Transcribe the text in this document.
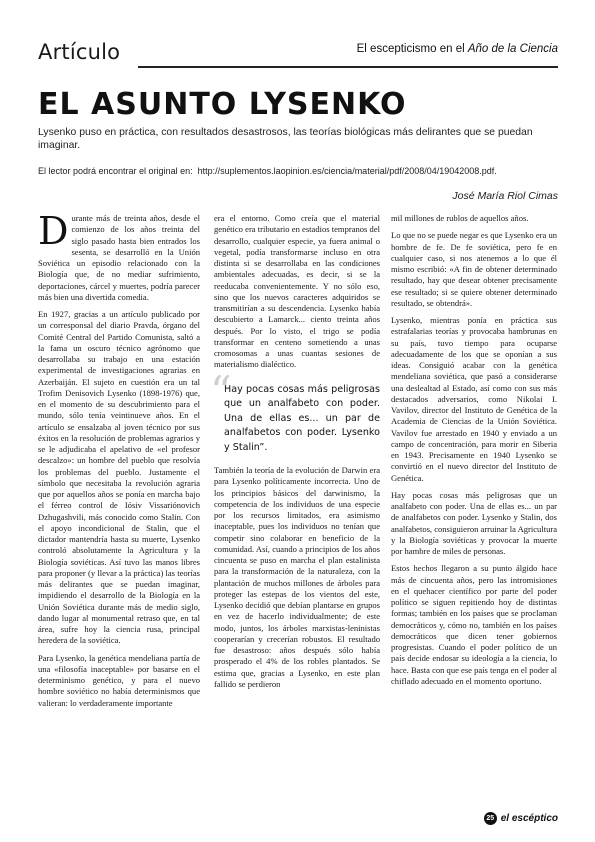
Artículo	El escepticismo en el Año de la Ciencia
EL ASUNTO LYSENKO

Lysenko puso en práctica, con resultados desastrosos, las teorías biológicas más delirantes que se puedan imaginar.

El lector podrá encontrar el original en: http://suplementos.laopinion.es/ciencia/material/pdf/2008/04/19042008.pdf.
José María Riol Cimas

Durante más de treinta años, desde el comienzo de los años treinta del siglo pasado hasta bien entrados los sesenta, se desarrolló en la Unión Soviética un episodio relacionado con la Biología que, de no mediar sufrimiento, deportaciones, cárcel y muertes, podría parecer más bien una divertida comedia.

En 1927, gracias a un artículo publicado por un corresponsal del diario Pravda, órgano del Comité Central del Partido Comunista, saltó a la fama un oscuro técnico agrónomo que desarrollaba su trabajo en una estación experimental de investigaciones agrarias en Azerbaiján. El sujeto en cuestión era un tal Trofim Denisovich Lysenko (1898-1976) que, en el momento de su descubrimiento para el mundo, sólo tenía veintinueve años. En el artículo se ensalzaba al joven técnico por sus éxitos en la resolución de problemas agrarios y se le adjudicaba el apelativo de «el profesor descalzo»: un hombre del pueblo que resolvía los problemas del pueblo. Justamente el símbolo que necesitaba la revolución agraria que por aquellos años se ponía en marcha bajo el férreo control de Iósiv Vissariónovich Dzhugashvili, más conocido como Stalin. Con el apoyo incondicional de Stalin, que el dictador mantendría hasta su muerte, Lysenko controló absolutamente la Agricultura y la Biología soviéticas. Así tuvo las manos libres para proponer (y llevar a la práctica) las teorías más delirantes que se puedan imaginar, impidiendo el desarrollo de la Biología en la Unión Soviética durante más de medio siglo, dando lugar al monumental retraso que, en tal área, sufre hoy la ciencia rusa, principal heredera de la soviética.

Para Lysenko, la genética mendeliana partía de una «filosofía inaceptable» por basarse en el determinismo genético, y para el nuevo hombre soviético no había determinismos que valieran: lo verdaderamente importante

era el entorno. Como creía que el material genético era tributario en estadios tempranos del desarrollo, cualquier especie, ya fuera animal o vegetal, podía transformarse incluso en otra distinta si se desarrollaba en las condiciones ambientales adecuadas, es decir, si se la reeducaba convenientemente. Y no sólo eso, sino que los nuevos caracteres adquiridos se transmitirían a su descendencia. Lysenko había descubierto a Lamarck... ciento treinta años después. Por lo visto, el trigo se podía transformar en centeno sometiendo a unas cromosomas a unas cuantas sesiones de materialismo dialéctico.

“
Hay pocas cosas más peligrosas que un analfabeto con poder. Una de ellas es... un par de analfabetos con poder. Lysenko y Stalin”.

También la teoría de la evolución de Darwin era para Lysenko políticamente incorrecta. Uno de los principios básicos del darwinismo, la competencia de los individuos de una especie por los recursos limitados, era asimismo inaceptable, pues los individuos no tenían que competir sino colaborar en beneficio de la comunidad. Así, cuando a principios de los años cincuenta se puso en marcha el plan estalinista para la transformación de la naturaleza, con la plantación de muchos millones de árboles para proteger las estepas de los vientos del este, Lysenko decidió que debían plantarse en grupos en vez de hacerlo individualmente; de este modo, juntos, los árboles marxistas-leninistas cooperarían y crecerían robustos. El resultado fue desastroso: años después sólo había prosperado el 4% de los robles plantados. Se estima que, gracias a Lysenko, en este plan fallido se perdieron

mil millones de rublos de aquellos años.

Lo que no se puede negar es que Lysenko era un hombre de fe. De fe soviética, pero fe en cualquier caso, si nos atenemos a lo que él mismo escribió: «A fin de obtener determinado resultado, hay que desear obtener precisamente ese resultado; si se quiere obtener determinado resultado, se obtendrá».

Lysenko, mientras ponía en práctica sus estrafalarias teorías y provocaba hambrunas en su país, tuvo tiempo para ocuparse adecuadamente de los que se oponían a sus ideas. Consiguió acabar con la genética mendeliana soviética, que pasó a considerarse una deslealtad al Estado, así como con sus más destacados adversarios, como Nikolai I. Vavilov, director del Instituto de Genética de la Academia de Ciencias de la Unión Soviética. Vavilov fue arrestado en 1940 y enviado a un campo de concentración, para morir en Siberia en 1943. Precisamente en 1940 Lysenko se convirtió en el nuevo director del Instituto de Genética.

Hay pocas cosas más peligrosas que un analfabeto con poder. Una de ellas es... un par de analfabetos con poder. Lysenko y Stalin, dos analfabetos, consiguieron arruinar la Agricultura y la Biología soviéticas y provocar la muerte por hambre de miles de personas.

Estos hechos llegaron a su punto álgido hace más de cincuenta años, pero las intromisiones en el quehacer científico por parte del poder político se siguen repitiendo hoy de distintas formas; también en los países que se proclaman democráticos y, cómo no, también en los países democráticos que dicen tener gobiernos progresistas. Cuando el poder político de un país decide endosar su ideología a la ciencia, lo hace. Basta con que ese país tenga en el poder al chiflado adecuado en el momento oportuno.

25 el escéptico
